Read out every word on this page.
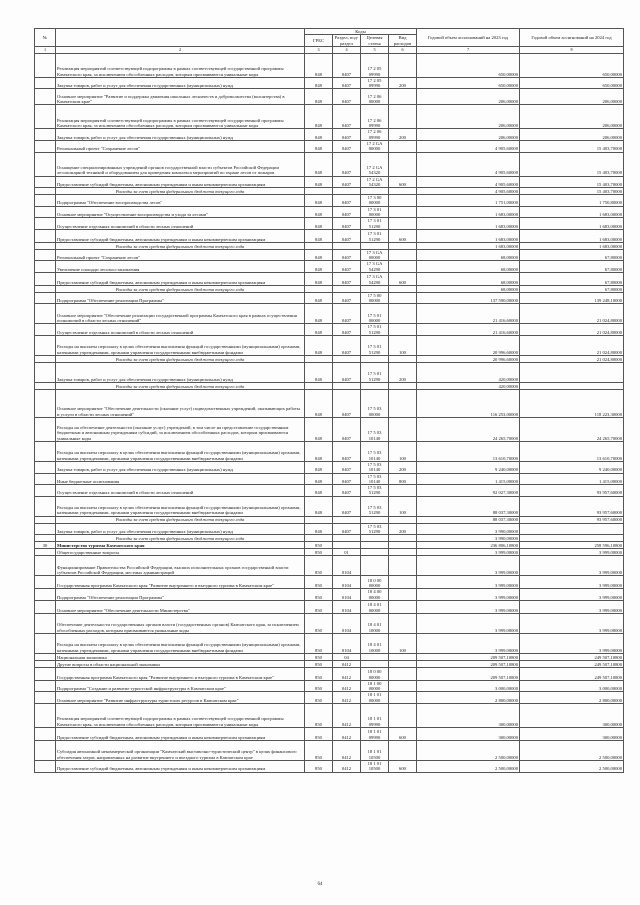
№		Коды				Годовой объем ассигнований на 2023 год	Годовой объем ассигнований на 2024 год
		ГРБС	Раздел, под-раздел	Целевая статья	Вид расходов		
1	2	3	4	5	6	7	8
	Реализация мероприятий соответствующей подпрограммы в рамках соответствующей государственной программы Камчатского края, за исключением обособленных расходов, которым присваиваются уникальные коды	848	0407	17 2 05 09990		650,00000	650,00000
	Закупка товаров, работ и услуг для обеспечения государственных (муниципальных) нужд	848	0407	17 2 05 09990	200	650,00000	650,00000
	Основное мероприятие "Развитие и поддержка движения школьных лесничеств и добровольчества (волонтерства) в Камчатском крае"	848	0407	17 2 06 00000		206,00000	206,00000
	Реализация мероприятий соответствующей подпрограммы в рамках соответствующей государственной программы Камчатского края, за исключением обособленных расходов, которым присваиваются уникальные коды	848	0407	17 2 06 09990		206,00000	206,00000
	Закупка товаров, работ и услуг для обеспечения государственных (муниципальных) нужд	848	0407	17 2 06 09990	200	206,00000	206,00000
	Региональный проект "Сохранение лесов"	848	0407	17 2 GA 00000		4 905,60000	15 403,70000
	Оснащение специализированных учреждений органов государственной власти субъектов Российской Федерации лесопожарной техникой и оборудованием для проведения комплекса мероприятий по охране лесов от пожаров	848	0407	17 2 GA 54320		4 905,60000	15 403,70000
	Предоставление субсидий бюджетным, автономным учреждениям и иным некоммерческим организациям	848	0407	17 2 GA 54320	600	4 905,60000	15 403,70000
	Расходы за счет средств федерального бюджета текущего года					4 905,60000	15 403,70000
	Подпрограмма "Обеспечение воспроизводства лесов"	848	0407	17 3 00 00000		1 751,00000	1 750,80000
	Основное мероприятие "Осуществление воспроизводства и ухода за лесами"	848	0407	17 3 01 00000		1 683,00000	1 683,00000
	Осуществление отдельных полномочий в области лесных отношений	848	0407	17 3 01 51290		1 683,00000	1 683,00000
	Предоставление субсидий бюджетным, автономным учреждениям и иным некоммерческим организациям	848	0407	17 3 01 51290	600	1 683,00000	1 683,00000
	Расходы за счет средств федерального бюджета текущего года					1 683,00000	1 683,00000
	Региональный проект "Сохранение лесов"	848	0407	17 3 GA 00000		68,00000	67,80000
	Увеличение площади лесовосстановления	848	0407	17 3 GA 54290		68,00000	67,80000
	Предоставление субсидий бюджетным, автономным учреждениям и иным некоммерческим организациям	848	0407	17 3 GA 54290	600	68,00000	67,80000
	Расходы за счет средств федерального бюджета текущего года					68,00000	67,80000
	Подпрограмма "Обеспечение реализации Программы"	848	0407	17 5 00 00000		137 590,00000	139 248,10000
	Основное мероприятие "Обеспечение реализации государственной программы Камчатского края в рамках осуществления полномочий в области лесных отношений"	848	0407	17 5 01 00000		21 416,60000	21 024,80000
	Осуществление отдельных полномочий в области лесных отношений	848	0407	17 5 01 51290		21 416,60000	21 024,80000
	Расходы на выплаты персоналу в целях обеспечения выполнения функций государственными (муниципальными) органами, казенными учреждениями, органами управления государственными внебюджетными фондами	848	0407	17 5 01 51290	100	20 996,60000	21 024,80000
	Расходы за счет средств федерального бюджета текущего года					20 996,60000	21 024,80000
	Закупка товаров, работ и услуг для обеспечения государственных (муниципальных) нужд	848	0407	17 5 01 51290	200	420,00000	
	Расходы за счет средств федерального бюджета текущего года					420,00000	
	Основное мероприятие "Обеспечение деятельности (оказание услуг) подведомственных учреждений, оказывающих работы и услуги в области лесных отношений"	848	0407	17 5 03 00000		116 253,00000	118 223,30000
	Расходы на обеспечение деятельности (оказание услуг) учреждений, в том числе на предоставление государственным бюджетным и автономным учреждениям субсидий, за исключением обособленных расходов, которым присваиваются уникальные коды	848	0407	17 5 03 10140		24 265,70000	24 265,70000
	Расходы на выплаты персоналу в целях обеспечения выполнения функций государственными (муниципальными) органами, казенными учреждениями, органами управления государственными внебюджетными фондами	848	0407	17 5 03 10140	100	13 610,70000	13 610,70000
	Закупка товаров, работ и услуг для обеспечения государственных (муниципальных) нужд	848	0407	17 5 03 10140	200	9 240,00000	9 240,00000
	Иные бюджетные ассигнования	848	0407	17 5 03 10140	800	1 415,00000	1 415,00000
	Осуществление отдельных полномочий в области лесных отношений	848	0407	17 5 03 51290		92 027,30000	93 957,60000
	Расходы на выплаты персоналу в целях обеспечения выполнения функций государственными (муниципальными) органами, казенными учреждениями, органами управления государственными внебюджетными фондами	848	0407	17 5 03 51290	100	88 037,30000	93 957,60000
	Расходы за счет средств федерального бюджета текущего года					88 037,30000	93 957,60000
	Закупка товаров, работ и услуг для обеспечения государственных (муниципальных) нужд	848	0407	17 5 03 51290	200	3 990,00000	
	Расходы за счет средств федерального бюджета текущего года					3 990,00000	
30	Министерство туризма Камчатского края	850				236 806,10800	258 596,10800
	Общегосударственные вопросы	850	01			3 999,00000	3 999,00000
	Функционирование Правительства Российской Федерации, высших исполнительных органов государственной власти субъектов Российской Федерации, местных администраций	850	0104			3 999,00000	3 999,00000
	Государственная программа Камчатского края "Развитие внутреннего и въездного туризма в Камчатском крае"	850	0104	18 0 00 00000		3 999,00000	3 999,00000
	Подпрограмма "Обеспечение реализации Программы"	850	0104	18 4 00 00000		3 999,00000	3 999,00000
	Основное мероприятие "Обеспечение деятельности Министерства"	850	0104	18 4 01 00000		3 999,00000	3 999,00000
	Обеспечение деятельности государственных органов власти (государственных органов) Камчатского края, за исключением обособленных расходов, которым присваиваются уникальные коды	850	0104	18 4 01 10000		3 999,00000	3 999,00000
	Расходы на выплаты персоналу в целях обеспечения выполнения функций государственными (муниципальными) органами, казенными учреждениями, органами управления государственными внебюджетными фондами	850	0104	18 4 01 10000	100	3 999,00000	3 999,00000
	Национальная экономика	850	04			209 507,10800	249 507,10800
	Другие вопросы в области национальной экономики	850	0412			209 507,10800	249 507,10800
	Государственная программа Камчатского края "Развитие внутреннего и въездного туризма в Камчатском крае"	850	0412	18 0 00 00000		209 507,10800	249 507,10800
	Подпрограмма "Создание и развитие туристской инфраструктуры в Камчатском крае"	850	0412	18 1 00 00000		3 000,00000	3 000,00000
	Основное мероприятие "Развитие инфраструктуры туристских ресурсов в Камчатском крае"	850	0412	18 1 01 00000		2 800,00000	2 800,00000
	Реализация мероприятий соответствующей подпрограммы в рамках соответствующей государственной программы Камчатского края, за исключением обособленных расходов, которым присваиваются уникальные коды	850	0412	18 1 01 09990		300,00000	300,00000
	Предоставление субсидий бюджетным, автономным учреждениям и иным некоммерческим организациям	850	0412	18 1 01 09990	600	300,00000	300,00000
	Субсидия автономной некоммерческой организации "Камчатский выставочно-туристический центр" в целях финансового обеспечения затрат, направленных на развитие внутреннего и въездного туризма в Камчатском крае	850	0412	18 1 01 10500		2 500,00000	2 500,00000
	Предоставление субсидий бюджетным, автономным учреждениям и иным некоммерческим организациям	850	0412	18 1 01 10500	600	2 500,00000	2 500,00000
64
